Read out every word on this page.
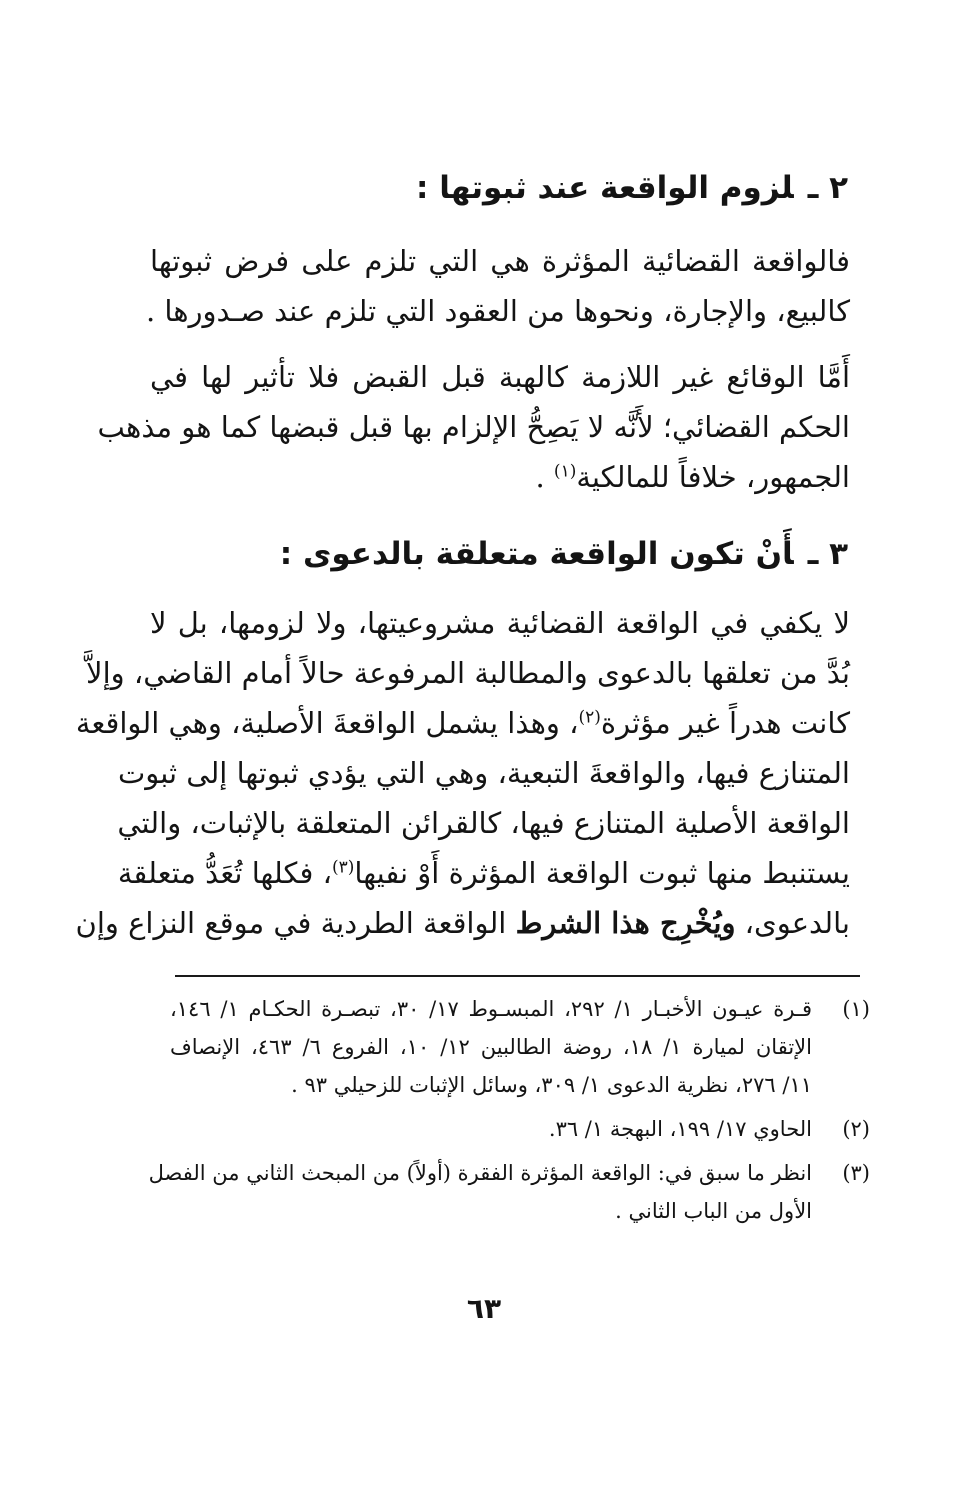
٢ ـلزوم الواقعة عند ثبوتها :
فالواقعة القضائية المؤثرة هي التي تلزم على فرض ثبوتها
كالبيع، والإجارة، ونحوها من العقود التي تلزم عند صـدورها .
أَمَّا الوقائع غير اللازمة كالهبة قبل القبض فلا تأثير لها في
الحكم القضائي؛ لأَنَّه لا يَصِحُّ الإلزام بها قبل قبضها كما هو مذهب
الجمهور، خلافاً للمالكية$^{(١)}$ .
٣ ـأَنْ تكون الواقعة متعلقة بالدعوى :
لا يكفي في الواقعة القضائية مشروعيتها، ولا لزومها، بل لا
بُدَّ من تعلقها بالدعوى والمطالبة المرفوعة حالاً أمام القاضي، وإلاَّ
كانت هدراً غير مؤثرة$^{(٢)}$، وهذا يشمل الواقعةَ الأصلية، وهي الواقعة
المتنازع فيها، والواقعةَ التبعية، وهي التي يؤدي ثبوتها إلى ثبوت
الواقعة الأصلية المتنازع فيها، كالقرائن المتعلقة بالإثبات، والتي
يستنبط منها ثبوت الواقعة المؤثرة أَوْ نفيها$^{(٣)}$، فكلها تُعَدُّ متعلقة
بالدعوى، ويُخْرِج هذا الشرط الواقعة الطردية في موقع النزاع وإن
(١)
قـرة عيـون الأخبـار ١/ ٢٩٢، المبسـوط ١٧/ ٣٠، تبصـرة الحكـام ١/ ١٤٦،
الإتقان لميارة ١/ ١٨، روضة الطالبين ١٢/ ١٠، الفروع ٦/ ٤٦٣، الإنصاف
١١/ ٢٧٦، نظرية الدعوى ١/ ٣٠٩، وسائل الإثبات للزحيلي ٩٣ .
(٢)
الحاوي ١٧/ ١٩٩، البهجة ١/ ٣٦.
(٣)
انظر ما سبق في: الواقعة المؤثرة الفقرة (أولاً) من المبحث الثاني من الفصل
الأول من الباب الثاني .
٦٣
